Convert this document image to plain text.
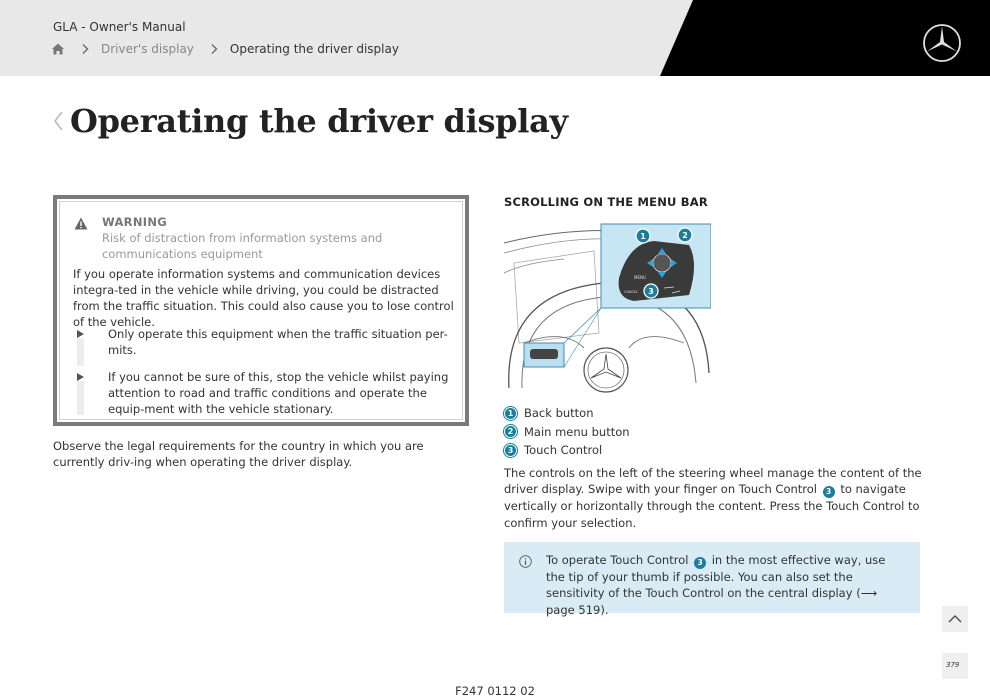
GLA - Owner's Manual
Driver's display	Operating the driver display
Operating the driver display
WARNING
Risk of distraction from information systems and communications equipment
If you operate information systems and communication devices integra-ted in the vehicle while driving, you could be distracted from the traffic situation. This could also cause you to lose control of the vehicle.
Only operate this equipment when the traffic situation per-mits.
If you cannot be sure of this, stop the vehicle whilst paying attention to road and traffic conditions and operate the equip-ment with the vehicle stationary.
Observe the legal requirements for the country in which you are currently driv-ing when operating the driver display.
SCROLLING ON THE MENU BAR
MENU
CANCEL
1	2
3
1 Back button
2 Main menu button
3 Touch Control
The controls on the left of the steering wheel manage the content of the driver display. Swipe with your finger on Touch Control 3 to navigate vertically or horizontally through the content. Press the Touch Control to confirm your selection.
To operate Touch Control 3 in the most effective way, use the tip of your thumb if possible. You can also set the sensitivity of the Touch Control on the central display (⟶ page 519).
379
F247 0112 02
